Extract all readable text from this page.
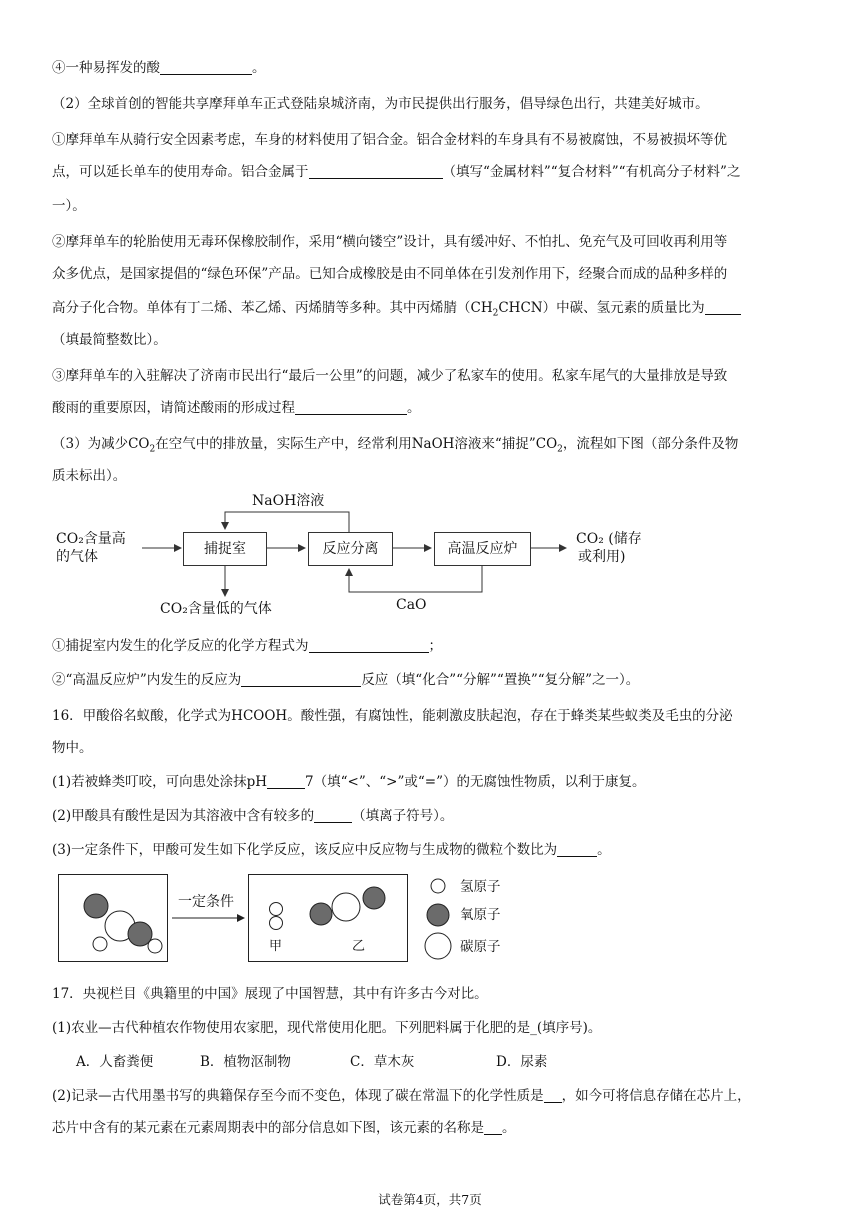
④一种易挥发的酸	。
（2）全球首创的智能共享摩拜单车正式登陆泉城济南，为市民提供出行服务，倡导绿色出行，共建美好城市。
①摩拜单车从骑行安全因素考虑，车身的材料使用了铝合金。铝合金材料的车身具有不易被腐蚀，不易被损坏等优
点，可以延长单车的使用寿命。铝合金属于	（填写“金属材料”“复合材料”“有机高分子材料”之
一）。
②摩拜单车的轮胎使用无毒环保橡胶制作，采用“横向镂空”设计，具有缓冲好、不怕扎、免充气及可回收再利用等
众多优点，是国家提倡的“绿色环保”产品。已知合成橡胶是由不同单体在引发剂作用下，经聚合而成的品种多样的
高分子化合物。单体有丁二烯、苯乙烯、丙烯腈等多种。其中丙烯腈$(CH_2CHCN)$中碳、氢元素的质量比为
（填最简整数比）。
③摩拜单车的入驻解决了济南市民出行“最后一公里”的问题，减少了私家车的使用。私家车尾气的大量排放是导致
酸雨的重要原因，请简述酸雨的形成过程	。
（3）为减少$CO_2$在空气中的排放量，实际生产中，经常利用NaOH溶液来“捕捉$”CO_2$，流程如下图（部分条件及物
质未标出）。
NaOH溶液
CO₂含量高
的气体	捕捉室	反应分离	高温反应炉
CO₂ (储存
或利用)
CO₂含量低的气体	CaO
①捕捉室内发生的化学反应的化学方程式为	；
②“高温反应炉”内发生的反应为	反应（填“化合”“分解”“置换”“复分解”之一）。
16．甲酸俗名蚁酸，化学式为HCOOH。酸性强，有腐蚀性，能刺激皮肤起泡，存在于蜂类某些蚁类及毛虫的分泌
物中。
(1)若被蜂类叮咬，可向患处涂抹pH	7（填“<”、“>”或“=”）的无腐蚀性物质，以利于康复。
(2)甲酸具有酸性是因为其溶液中含有较多的	（填离子符号）。
(3)一定条件下，甲酸可发生如下化学反应，该反应中反应物与生成物的微粒个数比为	。
一定条件
甲	乙
氢原子
氧原子
碳原子
17．央视栏目《典籍里的中国》展现了中国智慧，其中有许多古今对比。
(1)农业—古代种植农作物使用农家肥，现代常使用化肥。下列肥料属于化肥的是_(填序号)。
A．人畜粪便	B．植物沤制物	C．草木灰	D．尿素
(2)记录—古代用墨书写的典籍保存至今而不变色，体现了碳在常温下的化学性质是 ，如今可将信息存储在芯片上，
芯片中含有的某元素在元素周期表中的部分信息如下图，该元素的名称是 。
试卷第4页，共7页
